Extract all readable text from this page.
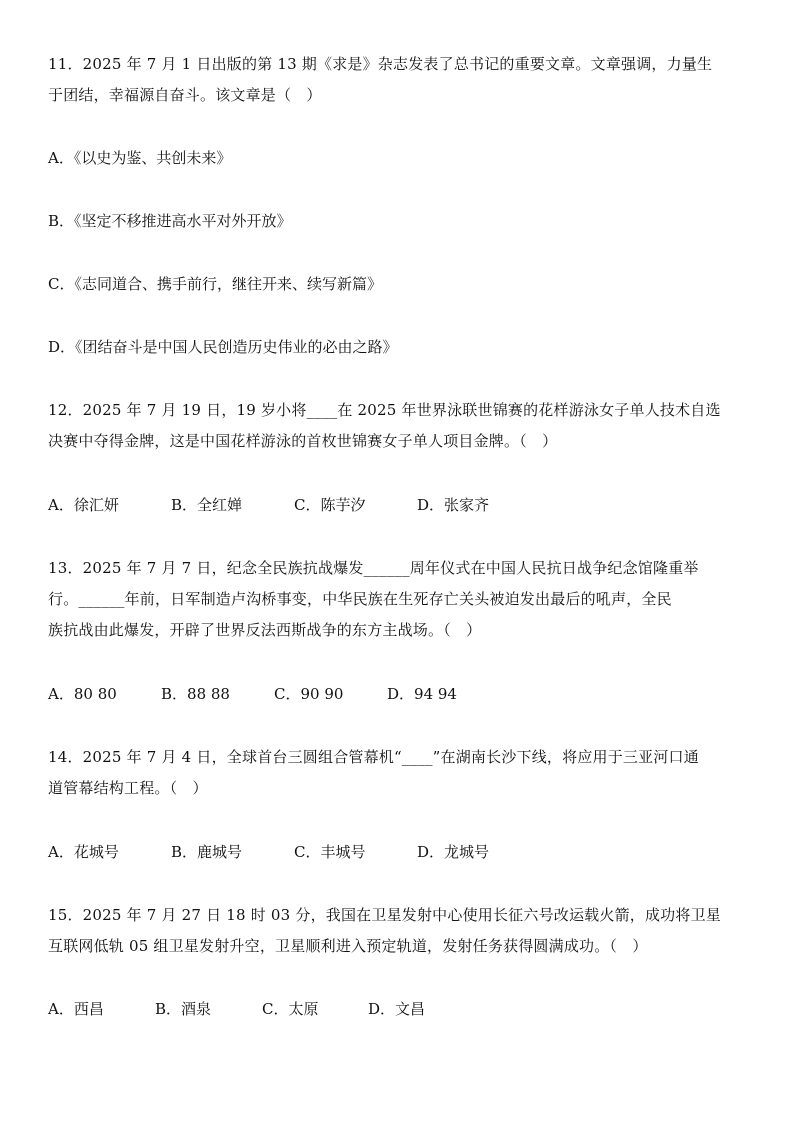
11．2025 年 7 月 1 日出版的第 13 期《求是》杂志发表了总书记的重要文章。文章强调，力量生
于团结，幸福源自奋斗。该文章是（　）
A．《以史为鉴、共创未来》
B．《坚定不移推进高水平对外开放》
C．《志同道合、携手前行，继往开来、续写新篇》
D．《团结奋斗是中国人民创造历史伟业的必由之路》
12．2025 年 7 月 19 日，19 岁小将____在 2025 年世界泳联世锦赛的花样游泳女子单人技术自选
决赛中夺得金牌，这是中国花样游泳的首枚世锦赛女子单人项目金牌。（　）
A．徐汇妍	B．全红婵	C．陈芋汐	D．张家齐
13．2025 年 7 月 7 日，纪念全民族抗战爆发______周年仪式在中国人民抗日战争纪念馆隆重举
行。______年前，日军制造卢沟桥事变，中华民族在生死存亡关头被迫发出最后的吼声，全民
族抗战由此爆发，开辟了世界反法西斯战争的东方主战场。（　）
A．80 80	B．88 88	C．90 90	D．94 94
14．2025 年 7 月 4 日，全球首台三圆组合管幕机“____”在湖南长沙下线，将应用于三亚河口通
道管幕结构工程。（　）
A．花城号	B．鹿城号	C．丰城号	D．龙城号
15．2025 年 7 月 27 日 18 时 03 分，我国在卫星发射中心使用长征六号改运载火箭，成功将卫星
互联网低轨 05 组卫星发射升空，卫星顺利进入预定轨道，发射任务获得圆满成功。（　）
A．西昌	B．酒泉	C．太原	D．文昌
